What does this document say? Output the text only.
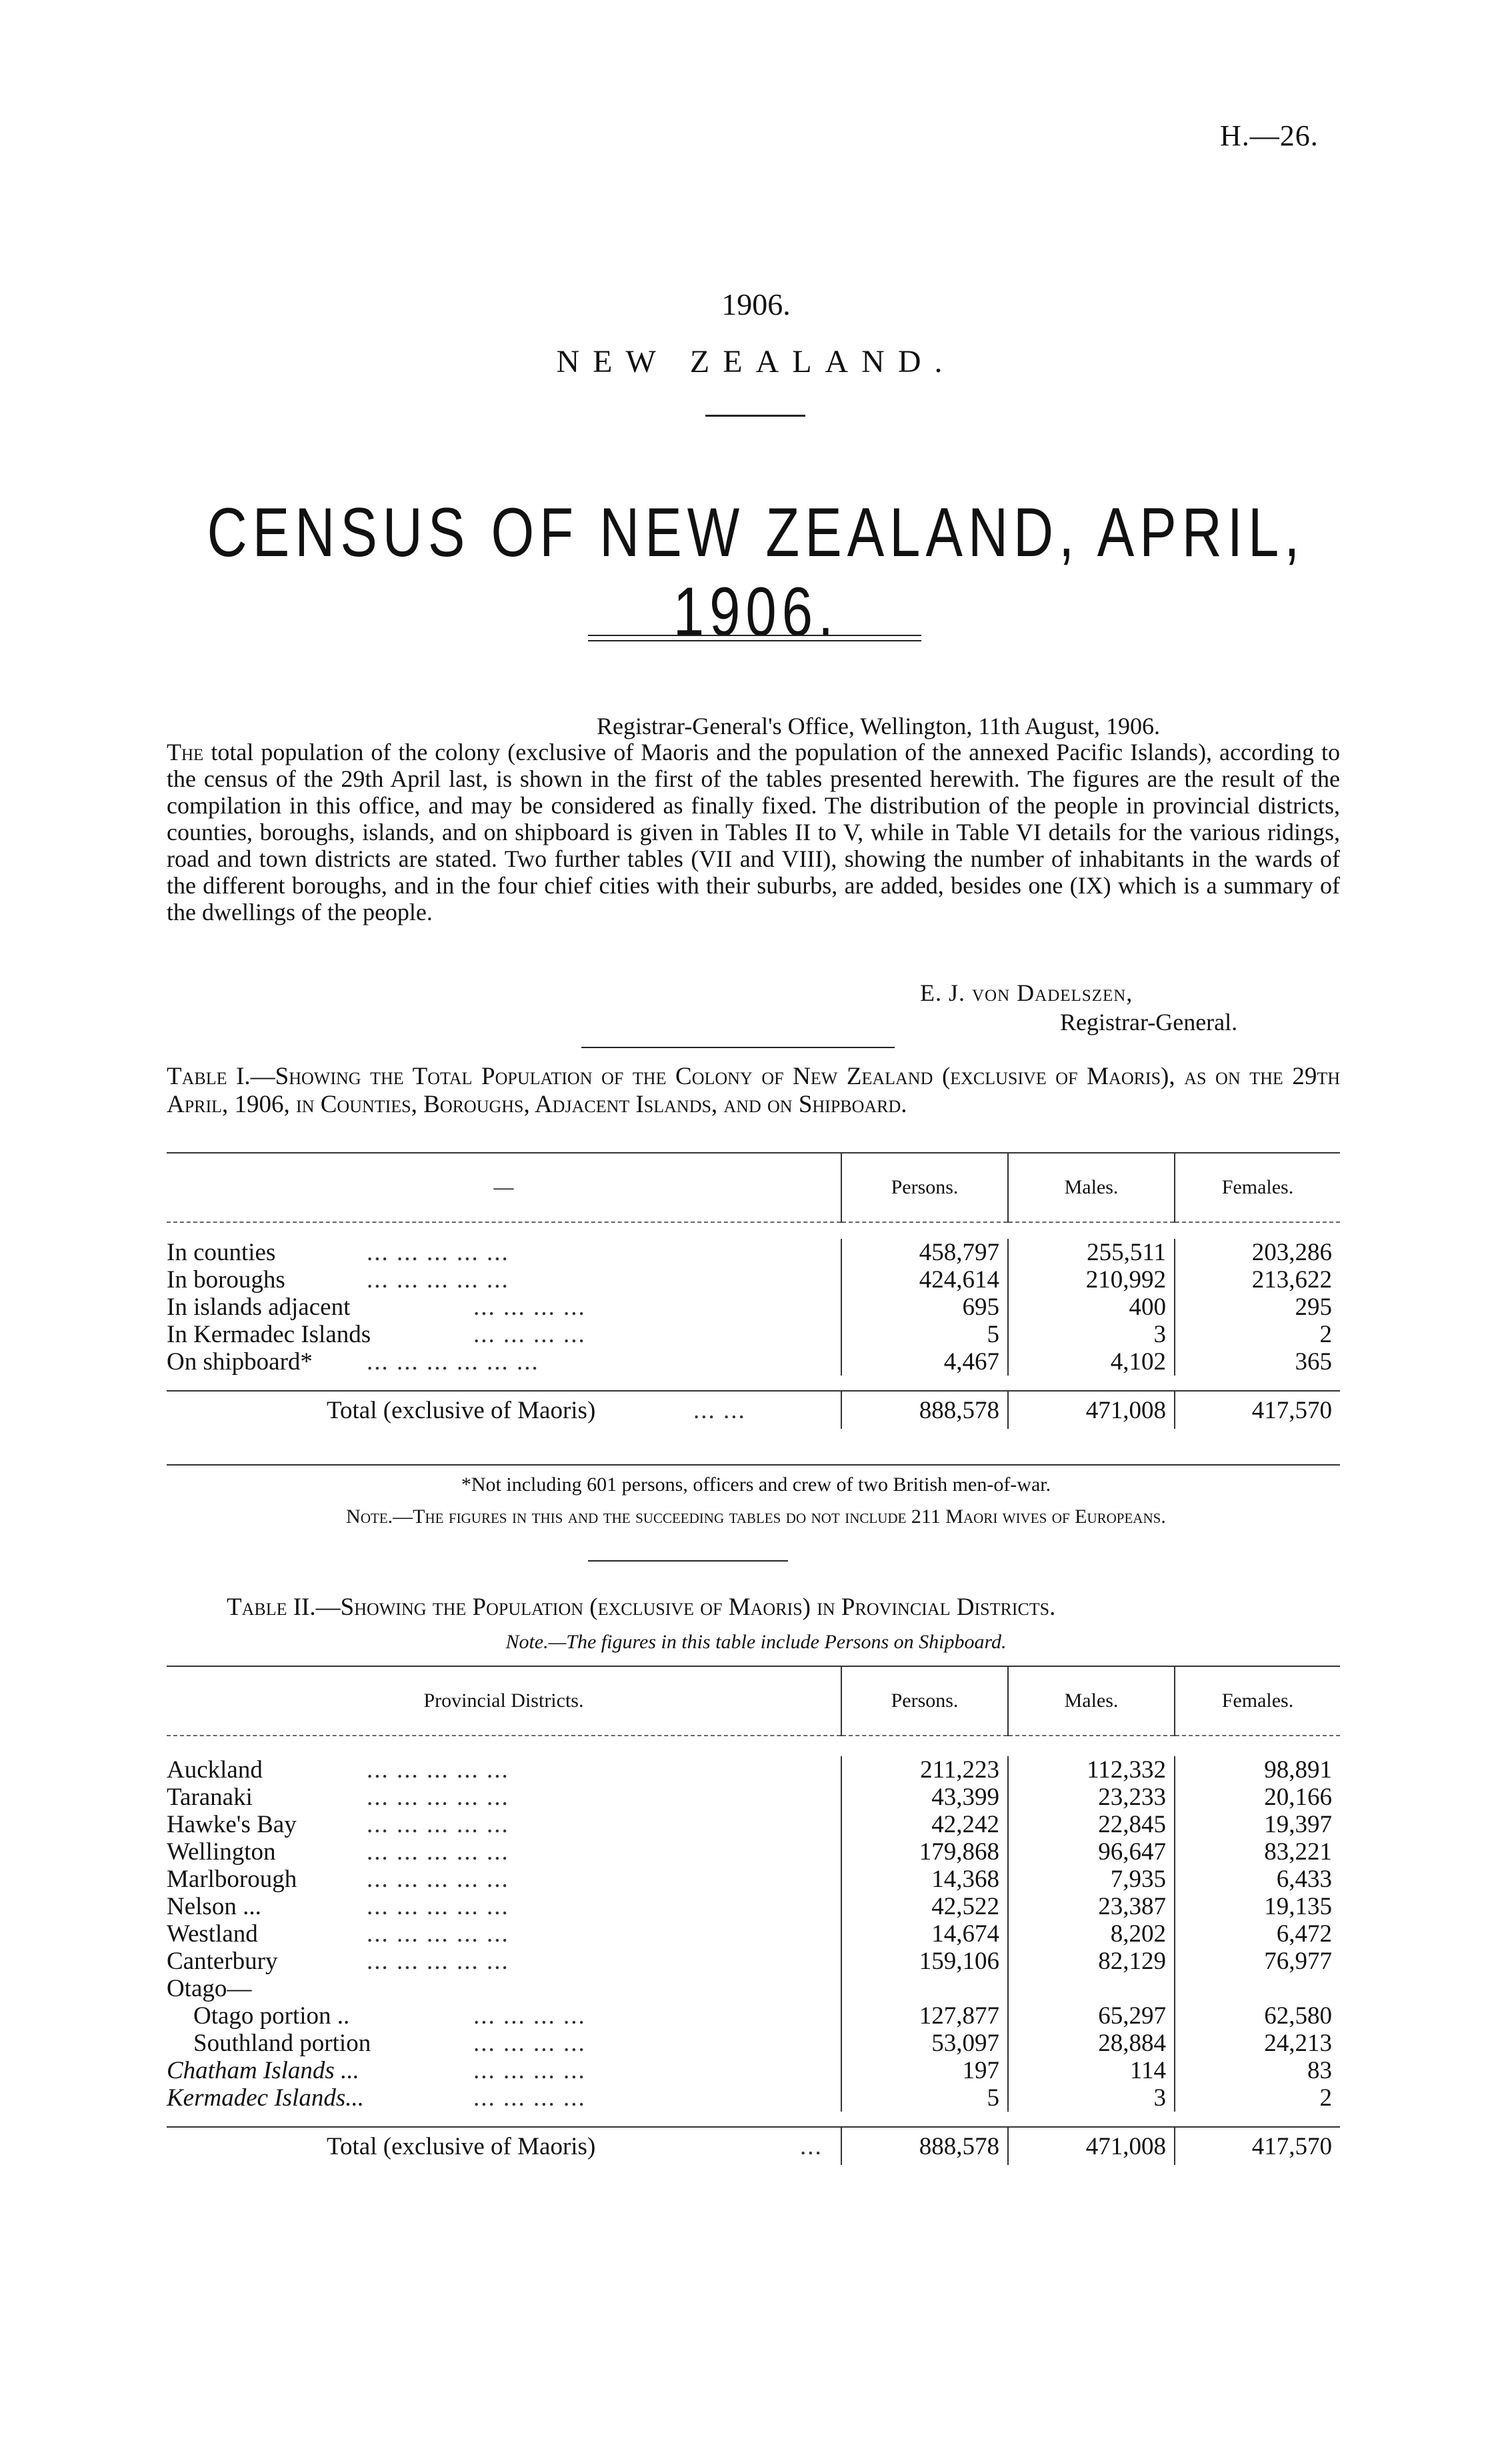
H.—26.
1906.
NEW ZEALAND.
CENSUS OF NEW ZEALAND, APRIL, 1906.
Registrar-General's Office, Wellington, 11th August, 1906.
The total population of the colony (exclusive of Maoris and the population of the annexed Pacific Islands), according to the census of the 29th April last, is shown in the first of the tables presented herewith. The figures are the result of the compilation in this office, and may be considered as finally fixed. The distribution of the people in provincial districts, counties, boroughs, islands, and on shipboard is given in Tables II to V, while in Table VI details for the various ridings, road and town districts are stated. Two further tables (VII and VIII), showing the number of inhabitants in the wards of the different boroughs, and in the four chief cities with their suburbs, are added, besides one (IX) which is a summary of the dwellings of the people.
E. J. von Dadelszen,
Registrar-General.
Table I.—Showing the Total Population of the Colony of New Zealand (exclusive of Maoris), as on the 29th April, 1906, in Counties, Boroughs, Adjacent Islands, and on Shipboard.
—	Persons.	Males.	Females.

In counties ... ... ... ... ...	458,797	255,511	203,286
In boroughs ... ... ... ... ...	424,614	210,992	213,622
In islands adjacent ... ... ... ...	695	400	295
In Kermadec Islands ... ... ... ...	5	3	2
On shipboard* ... ... ... ... ... ...	4,467	4,102	365

Total (exclusive of Maoris) ... ...	888,578	471,008	417,570
*Not including 601 persons, officers and crew of two British men-of-war.
Note.—The figures in this and the succeeding tables do not include 211 Maori wives of Europeans.
Table II.—Showing the Population (exclusive of Maoris) in Provincial Districts.
Note.—The figures in this table include Persons on Shipboard.
Provincial Districts.	Persons.	Males.	Females.

Auckland ... ... ... ... ...	211,223	112,332	98,891
Taranaki ... ... ... ... ...	43,399	23,233	20,166
Hawke's Bay ... ... ... ... ...	42,242	22,845	19,397
Wellington ... ... ... ... ...	179,868	96,647	83,221
Marlborough ... ... ... ... ...	14,368	7,935	6,433
Nelson ... ... ... ... ... ...	42,522	23,387	19,135
Westland ... ... ... ... ...	14,674	8,202	6,472
Canterbury ... ... ... ... ...	159,106	82,129	76,977
Otago—			
Otago portion .. ... ... ... ...	127,877	65,297	62,580
Southland portion ... ... ... ...	53,097	28,884	24,213
Chatham Islands ... ... ... ... ...	197	114	83
Kermadec Islands... ... ... ... ...	5	3	2

Total (exclusive of Maoris) ...	888,578	471,008	417,570
